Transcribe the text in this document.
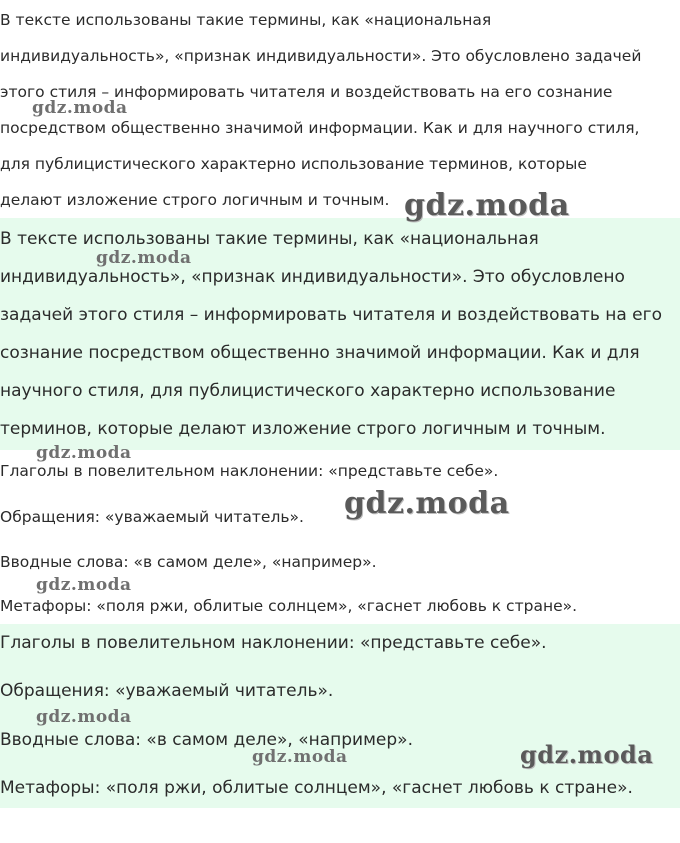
В тексте использованы такие термины, как «национальная
индивидуальность», «признак индивидуальности». Это обусловлено задачей
этого стиля – информировать читателя и воздействовать на его сознание
посредством общественно значимой информации. Как и для научного стиля,
для публицистического характерно использование терминов, которые
делают изложение строго логичным и точным.
В тексте использованы такие термины, как «национальная
индивидуальность», «признак индивидуальности». Это обусловлено
задачей этого стиля – информировать читателя и воздействовать на его
сознание посредством общественно значимой информации. Как и для
научного стиля, для публицистического характерно использование
терминов, которые делают изложение строго логичным и точным.
Глаголы в повелительном наклонении: «представьте себе».
Обращения: «уважаемый читатель».
Вводные слова: «в самом деле», «например».
Метафоры: «поля ржи, облитые солнцем», «гаснет любовь к стране».
Глаголы в повелительном наклонении: «представьте себе».
Обращения: «уважаемый читатель».
Вводные слова: «в самом деле», «например».
Метафоры: «поля ржи, облитые солнцем», «гаснет любовь к стране».
gdz.moda
gdz.moda
gdz.moda
gdz.moda
gdz.moda
gdz.moda
gdz.moda
gdz.moda
gdz.moda
